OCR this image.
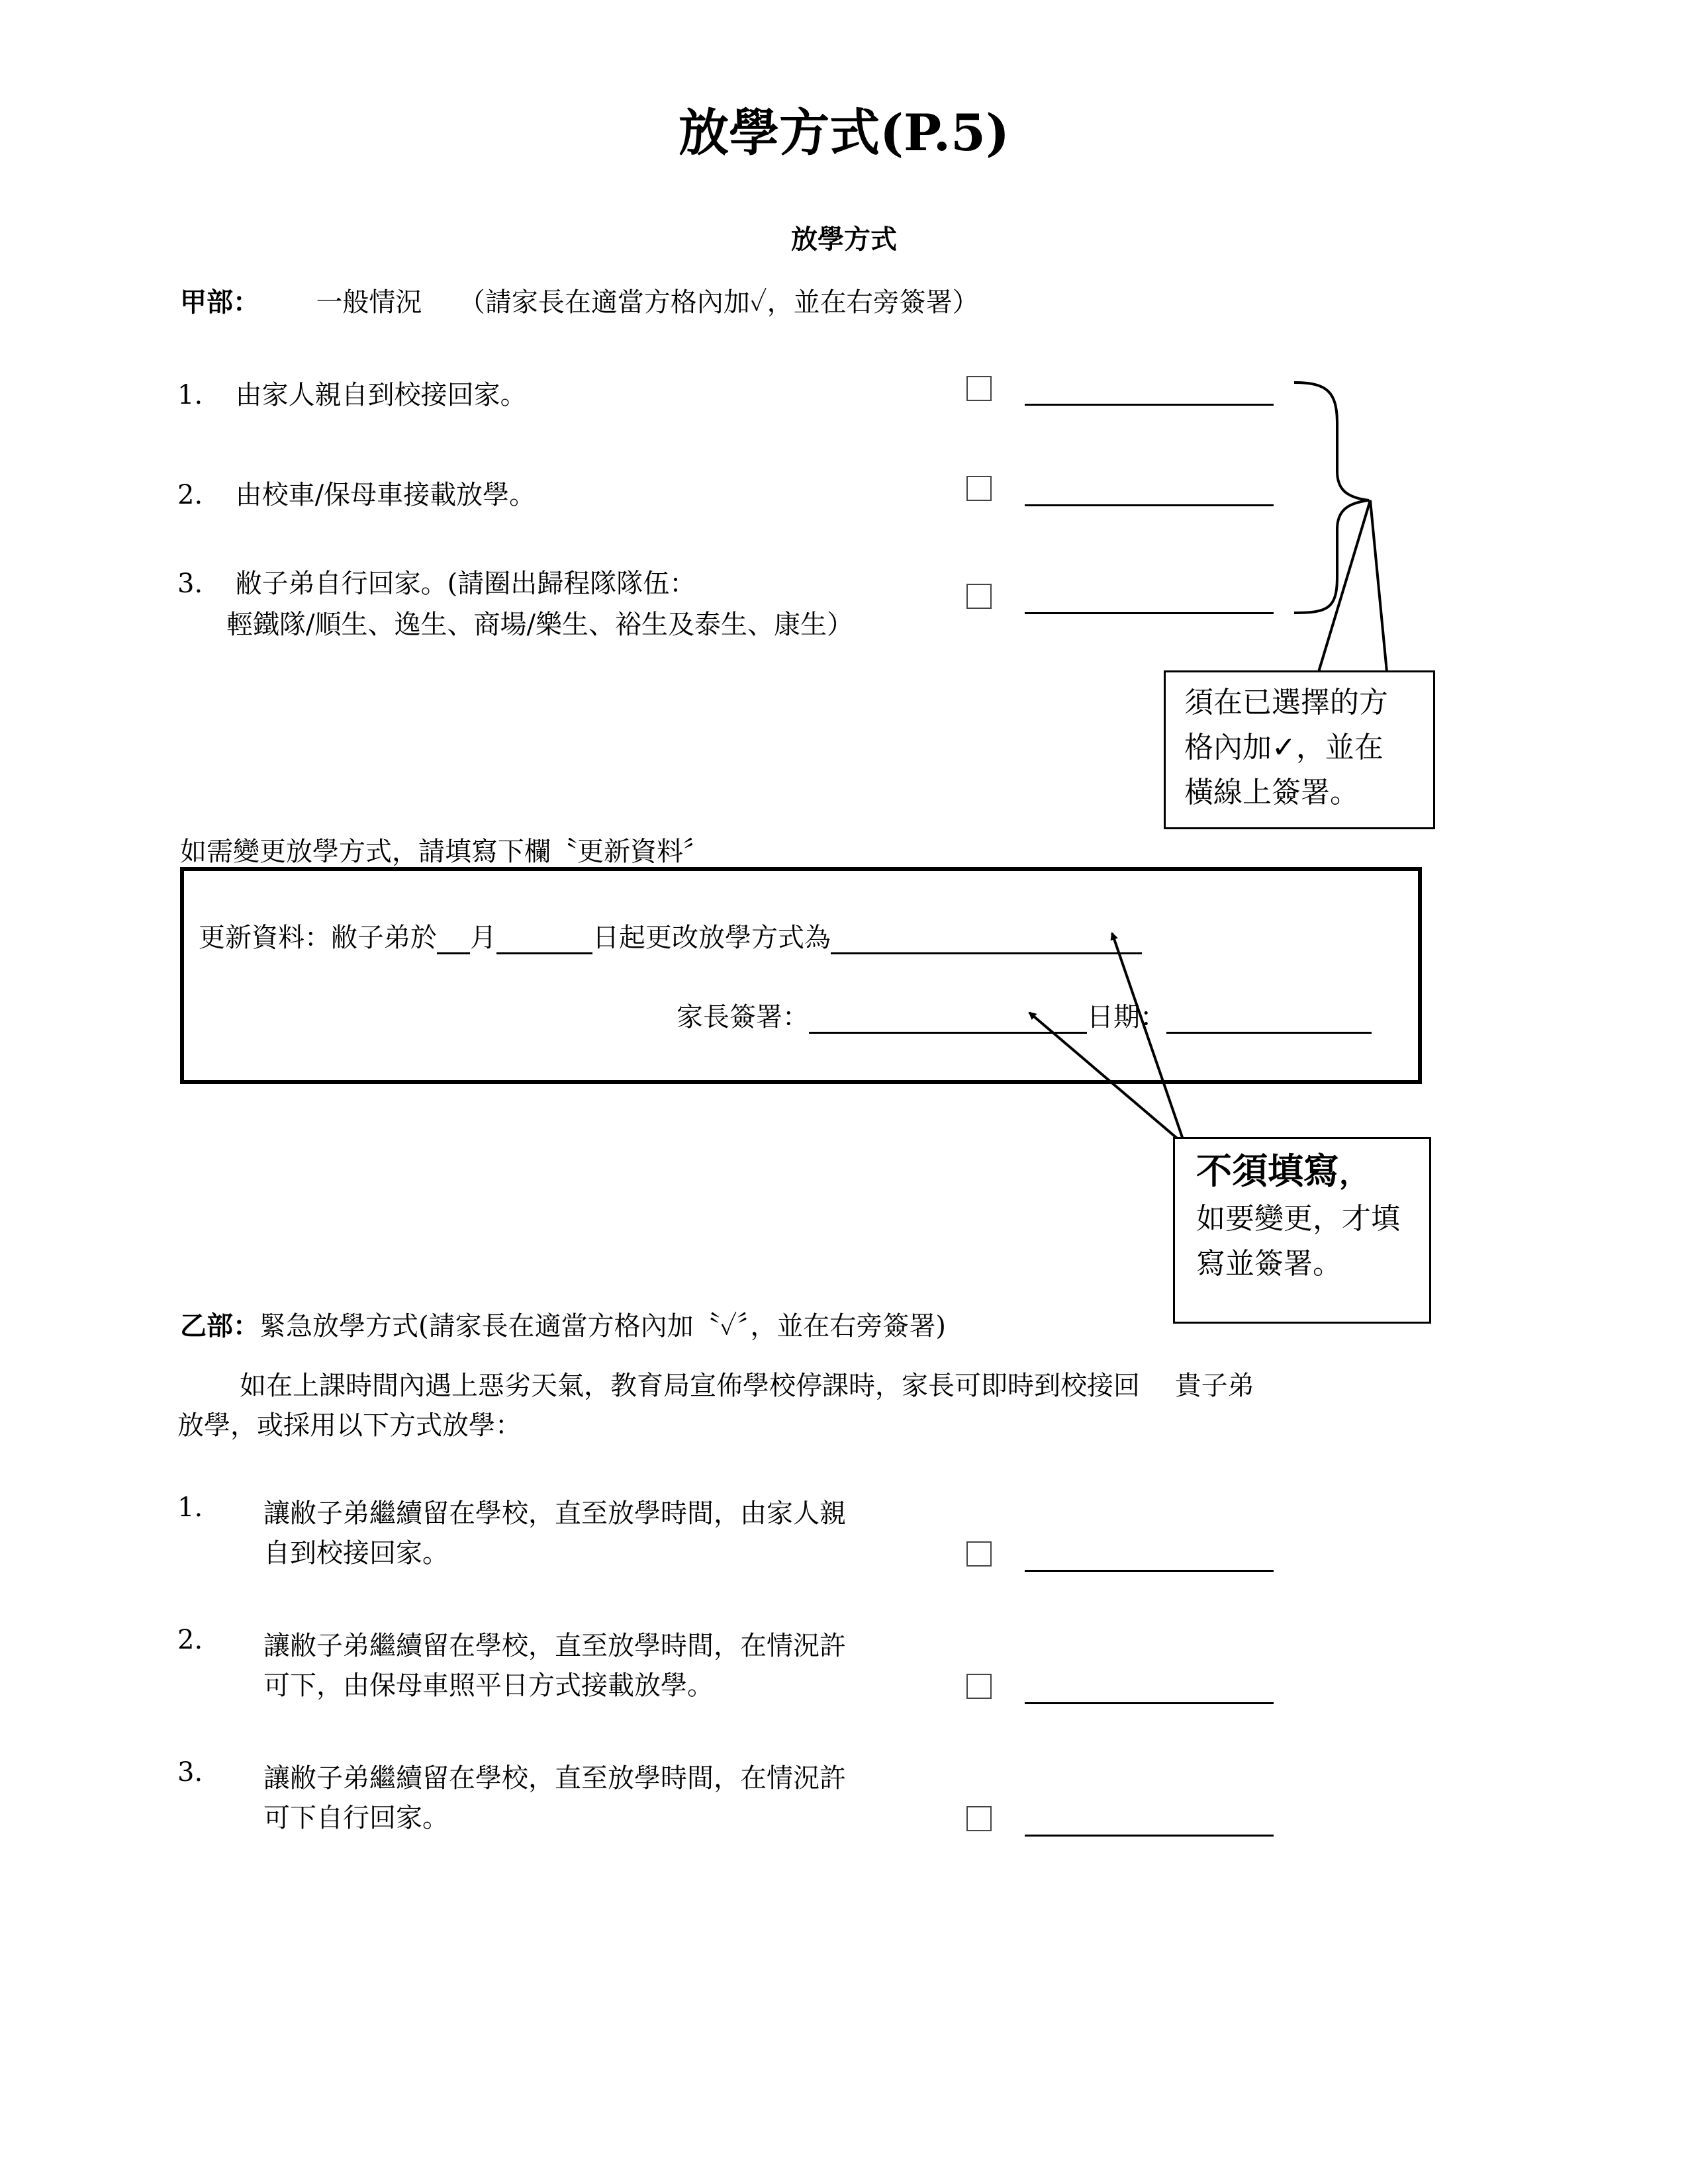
放學方式(P.5)
放學方式
甲部： 一般情況 （請家長在適當方格內加✓，並在右旁簽署）
1. 由家人親自到校接回家。
2. 由校車/保母車接載放學。
3. 敝子弟自行回家。(請圈出歸程隊隊伍：
輕鐵隊/順生、逸生、商場/樂生、裕生及泰生、康生）
須在已選擇的方
格內加✓，並在
橫線上簽署。
如需變更放學方式，請填寫下欄〝更新資料〞
更新資料：敝子弟於 月	日起更改放學方式為
家長簽署：	日期：
不須填寫，
如要變更，才填
寫並簽署。
乙部：緊急放學方式(請家長在適當方格內加〝✓〞，並在右旁簽署)
如在上課時間內遇上惡劣天氣，教育局宣佈學校停課時，家長可即時到校接回　 貴子弟
放學，或採用以下方式放學：
1. 讓敝子弟繼續留在學校，直至放學時間，由家人親
自到校接回家。
2. 讓敝子弟繼續留在學校，直至放學時間，在情況許
可下，由保母車照平日方式接載放學。
3. 讓敝子弟繼續留在學校，直至放學時間，在情況許
可下自行回家。
